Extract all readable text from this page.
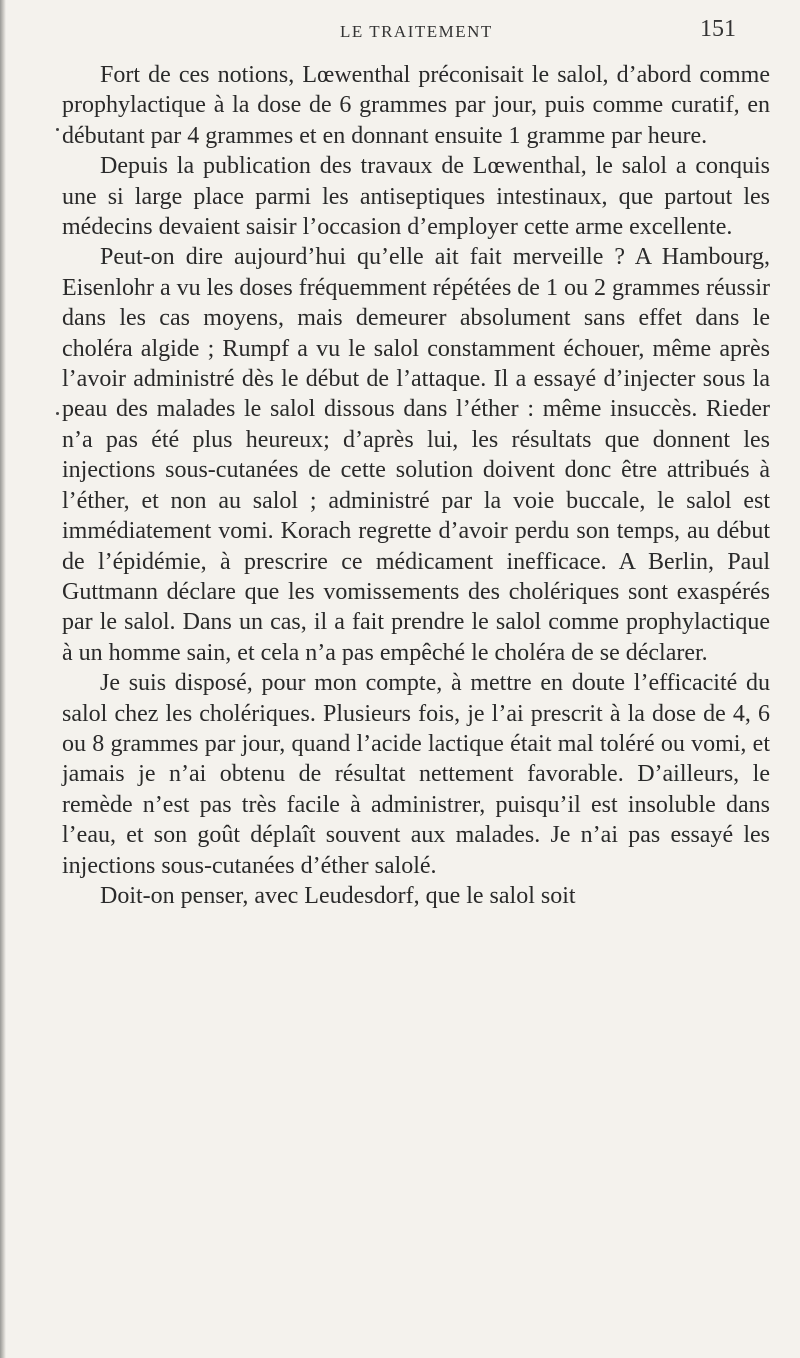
LE TRAITEMENT	151

Fort de ces notions, Lœwenthal préconisait le salol, d’abord comme prophylactique à la dose de 6 grammes par jour, puis comme curatif, en débutant par 4 grammes et en donnant ensuite 1 gramme par heure.

Depuis la publication des travaux de Lœwenthal, le salol a conquis une si large place parmi les antiseptiques intestinaux, que partout les médecins devaient saisir l’occasion d’employer cette arme excellente.

Peut-on dire aujourd’hui qu’elle ait fait merveille ? A Hambourg, Eisenlohr a vu les doses fréquemment répétées de 1 ou 2 grammes réussir dans les cas moyens, mais demeurer absolument sans effet dans le choléra algide ; Rumpf a vu le salol constamment échouer, même après l’avoir administré dès le début de l’attaque. Il a essayé d’injecter sous la peau des malades le salol dissous dans l’éther : même insuccès. Rieder n’a pas été plus heureux; d’après lui, les résultats que donnent les injections sous-cutanées de cette solution doivent donc être attribués à l’éther, et non au salol ; administré par la voie buccale, le salol est immédiatement vomi. Korach regrette d’avoir perdu son temps, au début de l’épidémie, à prescrire ce médicament inefficace. A Berlin, Paul Guttmann déclare que les vomissements des cholériques sont exaspérés par le salol. Dans un cas, il a fait prendre le salol comme prophylactique à un homme sain, et cela n’a pas empêché le choléra de se déclarer.

Je suis disposé, pour mon compte, à mettre en doute l’efficacité du salol chez les cholériques. Plusieurs fois, je l’ai prescrit à la dose de 4, 6 ou 8 grammes par jour, quand l’acide lactique était mal toléré ou vomi, et jamais je n’ai obtenu de résultat nettement favorable. D’ailleurs, le remède n’est pas très facile à administrer, puisqu’il est insoluble dans l’eau, et son goût déplaît souvent aux malades. Je n’ai pas essayé les injections sous-cutanées d’éther salolé.

Doit-on penser, avec Leudesdorf, que le salol soit
